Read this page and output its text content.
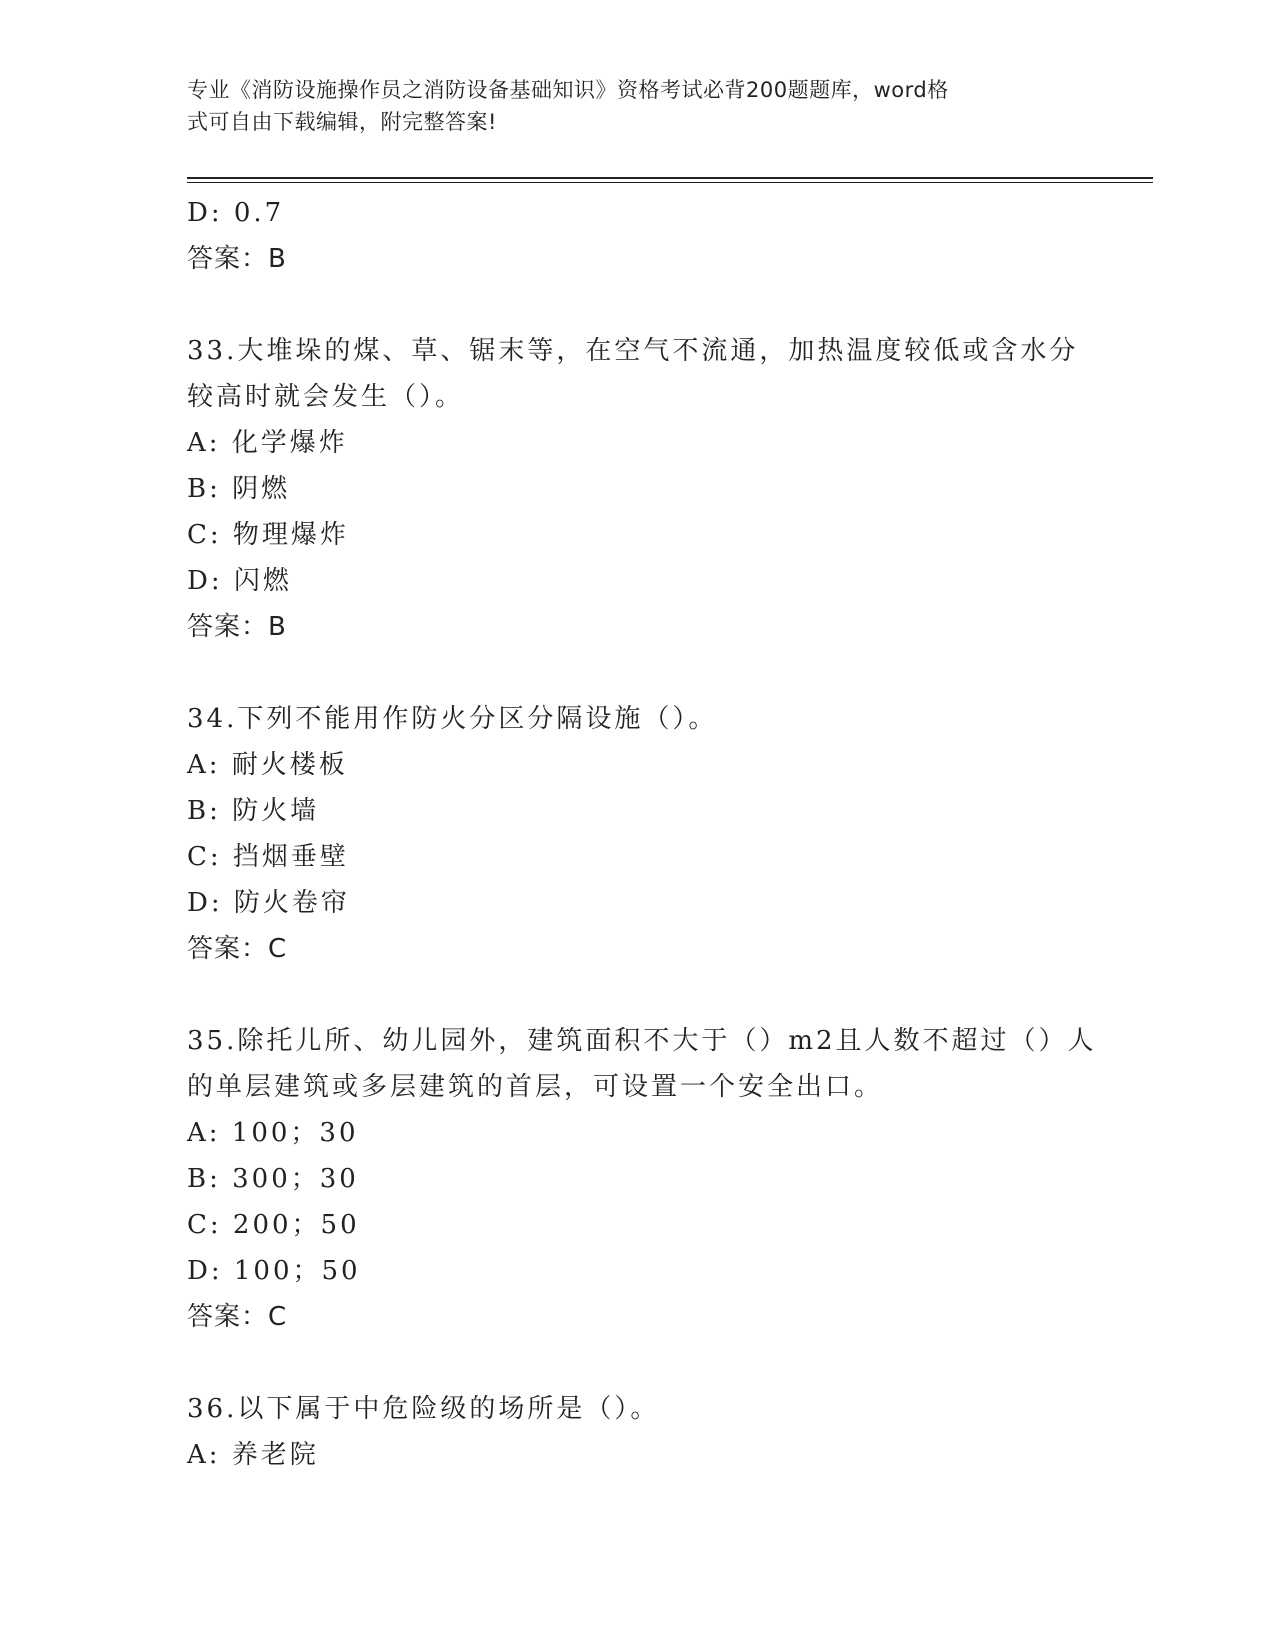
专业《消防设施操作员之消防设备基础知识》资格考试必背200题题库，word格
式可自由下载编辑，附完整答案!
D: 0.7
答案：B
33.大堆垛的煤、草、锯末等，在空气不流通，加热温度较低或含水分
较高时就会发生（）。
A: 化学爆炸
B: 阴燃
C: 物理爆炸
D: 闪燃
答案：B
34.下列不能用作防火分区分隔设施（）。
A: 耐火楼板
B: 防火墙
C: 挡烟垂壁
D: 防火卷帘
答案：C
35.除托儿所、幼儿园外，建筑面积不大于（）m2且人数不超过（）人
的单层建筑或多层建筑的首层，可设置一个安全出口。
A: 100；30
B: 300；30
C: 200；50
D: 100；50
答案：C
36.以下属于中危险级的场所是（）。
A: 养老院
